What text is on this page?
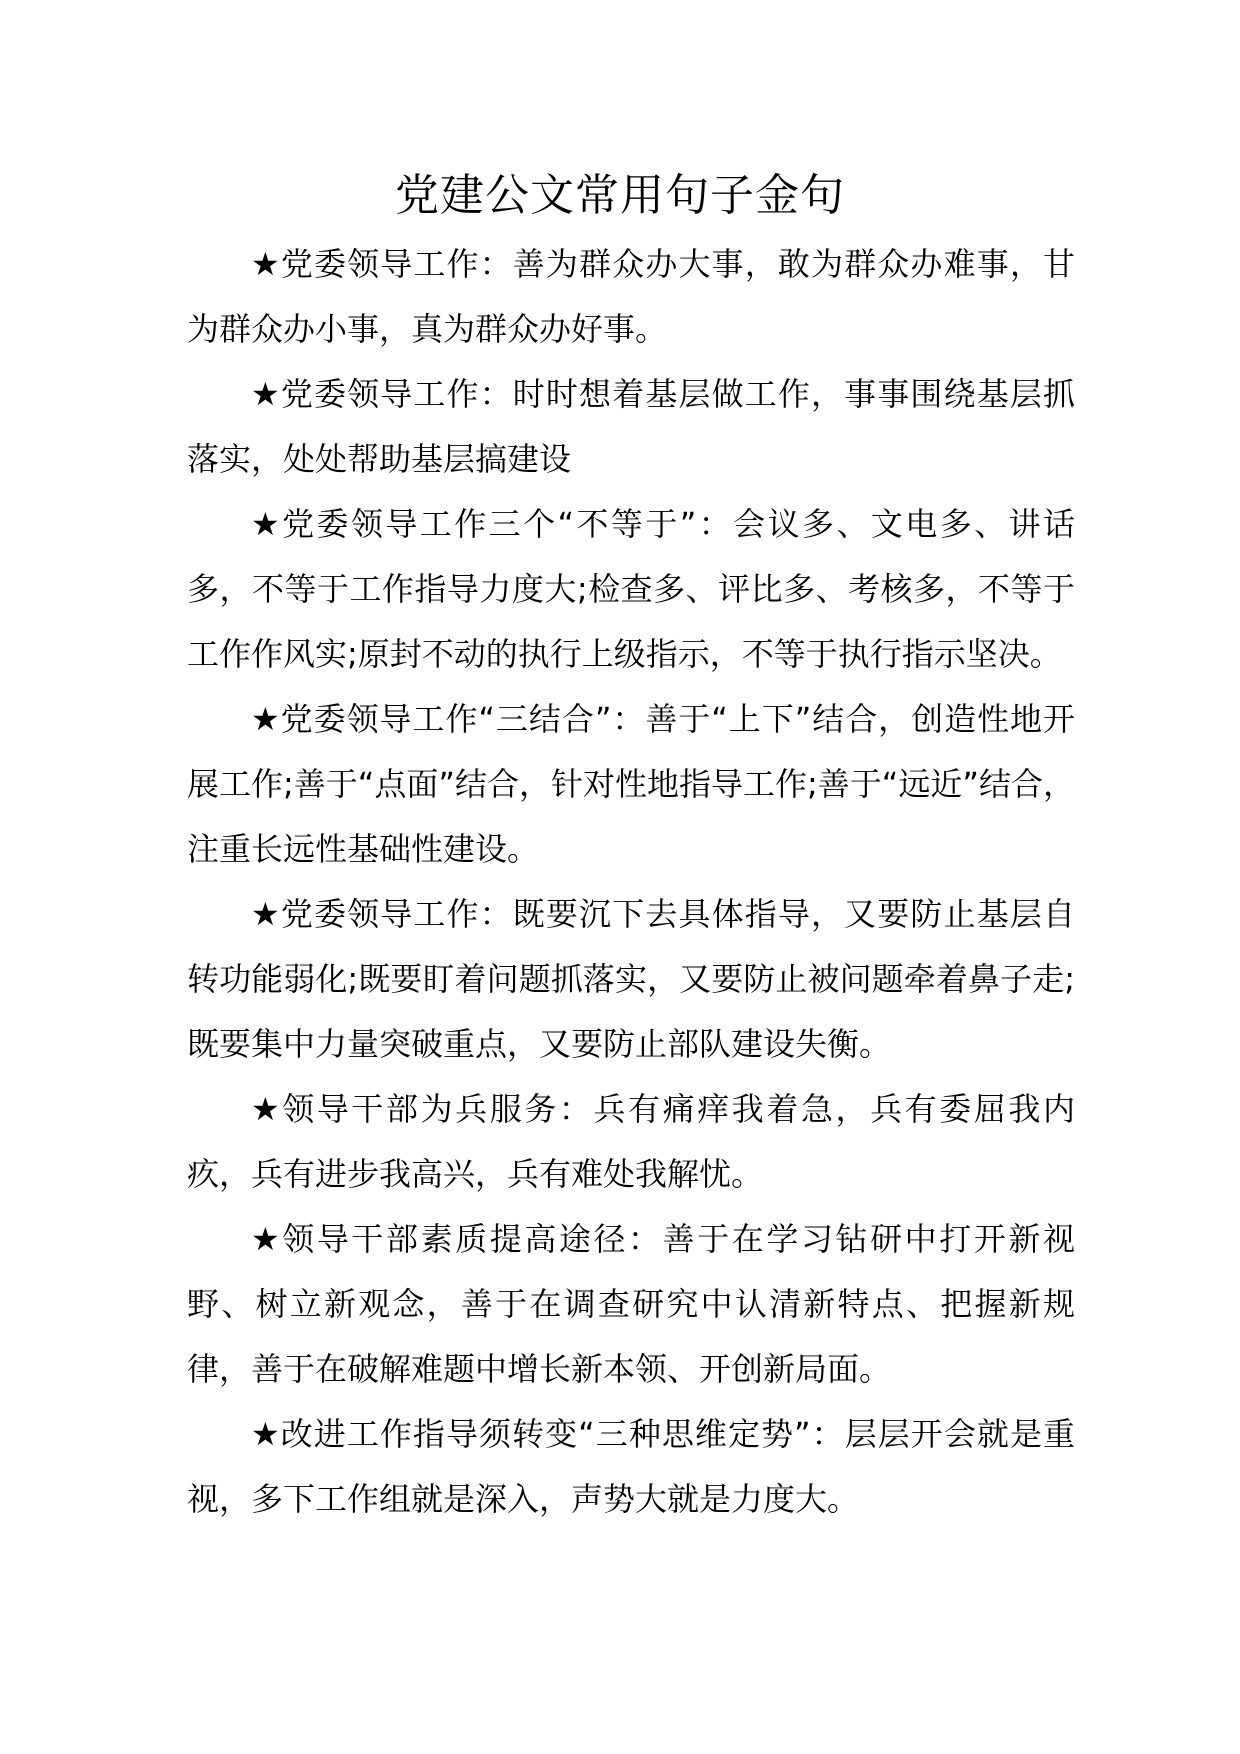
党建公文常用句子金句

★党委领导工作：善为群众办大事，敢为群众办难事，甘为群众办小事，真为群众办好事。

★党委领导工作：时时想着基层做工作，事事围绕基层抓落实，处处帮助基层搞建设

★党委领导工作三个“不等于”：会议多、文电多、讲话多，不等于工作指导力度大;检查多、评比多、考核多，不等于工作作风实;原封不动的执行上级指示，不等于执行指示坚决。

★党委领导工作“三结合”：善于“上下”结合，创造性地开展工作;善于“点面”结合，针对性地指导工作;善于“远近”结合，注重长远性基础性建设。

★党委领导工作：既要沉下去具体指导，又要防止基层自转功能弱化;既要盯着问题抓落实，又要防止被问题牵着鼻子走;既要集中力量突破重点，又要防止部队建设失衡。

★领导干部为兵服务：兵有痛痒我着急，兵有委屈我内疚，兵有进步我高兴，兵有难处我解忧。

★领导干部素质提高途径：善于在学习钻研中打开新视野、树立新观念，善于在调查研究中认清新特点、把握新规律，善于在破解难题中增长新本领、开创新局面。

★改进工作指导须转变“三种思维定势”：层层开会就是重视，多下工作组就是深入，声势大就是力度大。
